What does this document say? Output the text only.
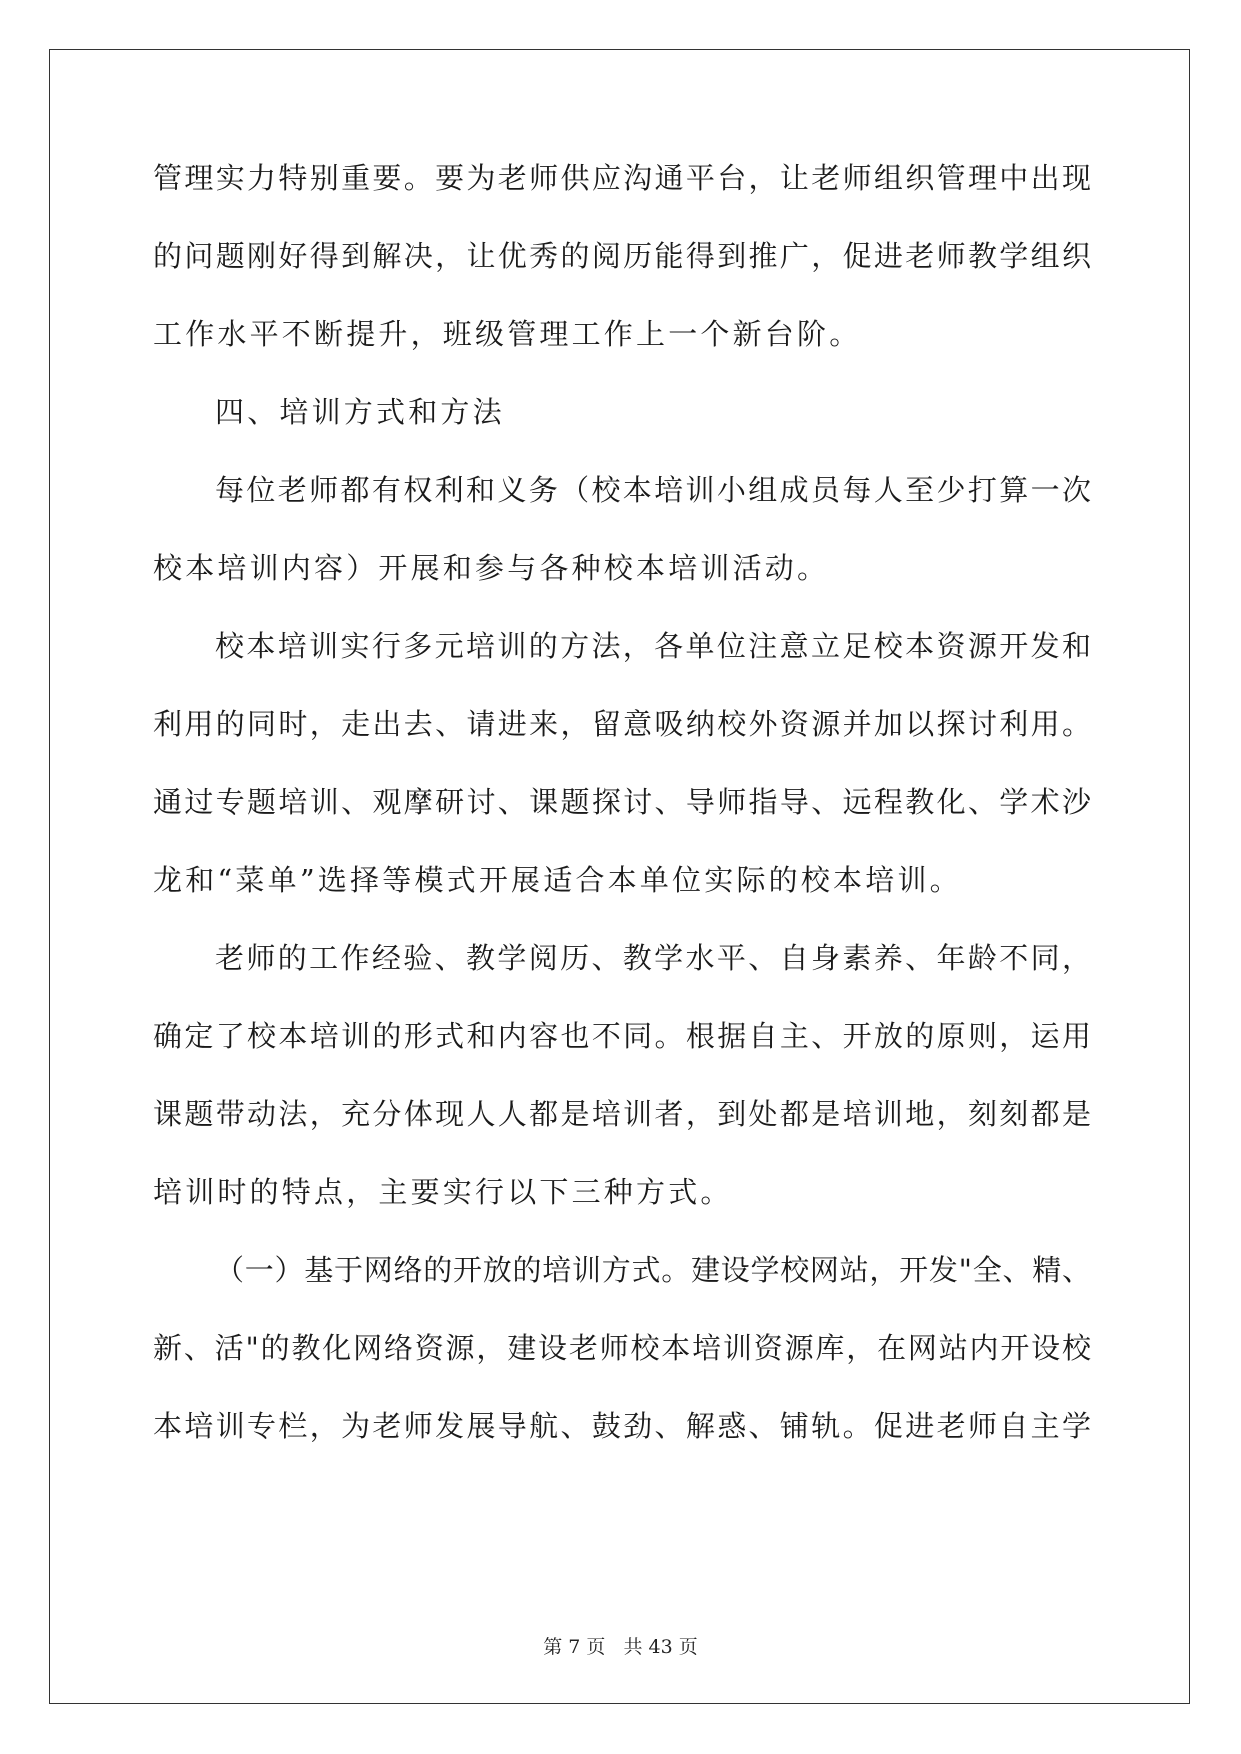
管理实力特别重要。要为老师供应沟通平台，让老师组织管理中出现
的问题刚好得到解决，让优秀的阅历能得到推广，促进老师教学组织
工作水平不断提升，班级管理工作上一个新台阶。
四、培训方式和方法
每位老师都有权利和义务（校本培训小组成员每人至少打算一次
校本培训内容）开展和参与各种校本培训活动。
校本培训实行多元培训的方法，各单位注意立足校本资源开发和
利用的同时，走出去、请进来，留意吸纳校外资源并加以探讨利用。
通过专题培训、观摩研讨、课题探讨、导师指导、远程教化、学术沙
龙和“菜单”选择等模式开展适合本单位实际的校本培训。
老师的工作经验、教学阅历、教学水平、自身素养、年龄不同，
确定了校本培训的形式和内容也不同。根据自主、开放的原则，运用
课题带动法，充分体现人人都是培训者，到处都是培训地，刻刻都是
培训时的特点，主要实行以下三种方式。
（一）基于网络的开放的培训方式。建设学校网站，开发"全、精、
新、活"的教化网络资源，建设老师校本培训资源库，在网站内开设校
本培训专栏，为老师发展导航、鼓劲、解惑、铺轨。促进老师自主学
第 7 页 共 43 页
